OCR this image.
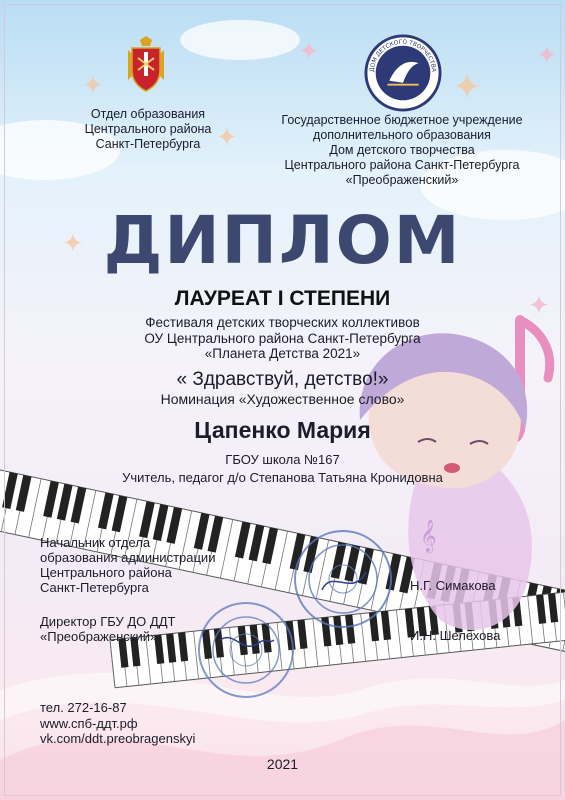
✦
✦
✦
✦
✦
✦
✦
𝄞
ДОМ ДЕТСКОГО ТВОРЧЕСТВА
ПРЕОБРАЖЕНСКИЙ
Отдел образования
Центрального района
Санкт-Петербурга
Государственное бюджетное учреждение
дополнительного образования
Дом детского творчества
Центрального района Санкт-Петербурга
«Преображенский»
ДИПЛОМ
ЛАУРЕАТ I СТЕПЕНИ
Фестиваля детских творческих коллективов
ОУ Центрального района Санкт-Петербурга
«Планета Детства 2021»
« Здравствуй, детство!»
Номинация «Художественное слово»
Цапенко Мария
ГБОУ школа №167
Учитель, педагог д/о Степанова Татьяна Кронидовна
Начальник отдела
образования администрации
Центрального района
Санкт-Петербурга	Н.Г. Симакова
Директор ГБУ ДО ДДТ
«Преображенский»	И.Н. Шелехова
тел. 272-16-87
www.спб-ддт.рф
vk.com/ddt.preobragenskyi
2021
